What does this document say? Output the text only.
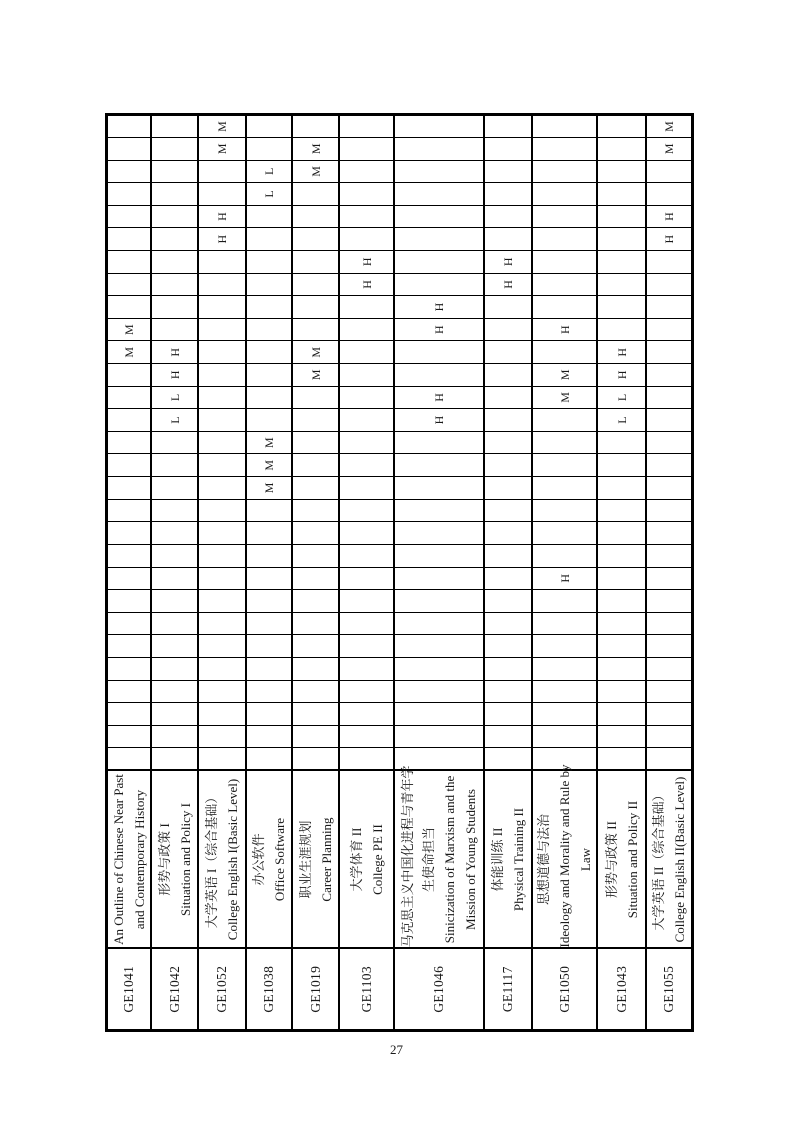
GE1041	An Outline of Chinese Near Past and Contemporary History																			M	M									
GE1042	形势与政策 I Situation and Policy I																L	L	H	H										
GE1052	大学英语 I（综合基础） College English I(Basic Level)																								H	H			M	M
GE1038	办公软件 Office Software													M	M	M											L	L		
GE1019	职业生涯规划 Career Planning																		M	M								M	M	
GE1103	大学体育 II College PE II																						H	H						
GE1046	马克思主义中国化进程与青年学 生使命担当 Sinicization of Marxism and the Mission of Young Students																H	H			H	H								
GE1117	体能训练 II Physical Training II																						H	H						
GE1050	思想道德与法治 Ideology and Morality and Rule by Law									H								M	M		H									
GE1043	形势与政策 II Situation and Policy II																L	L	H	H										
GE1055	大学英语 II（综合基础） College English II(Basic Level)																								H	H			M	M
27
